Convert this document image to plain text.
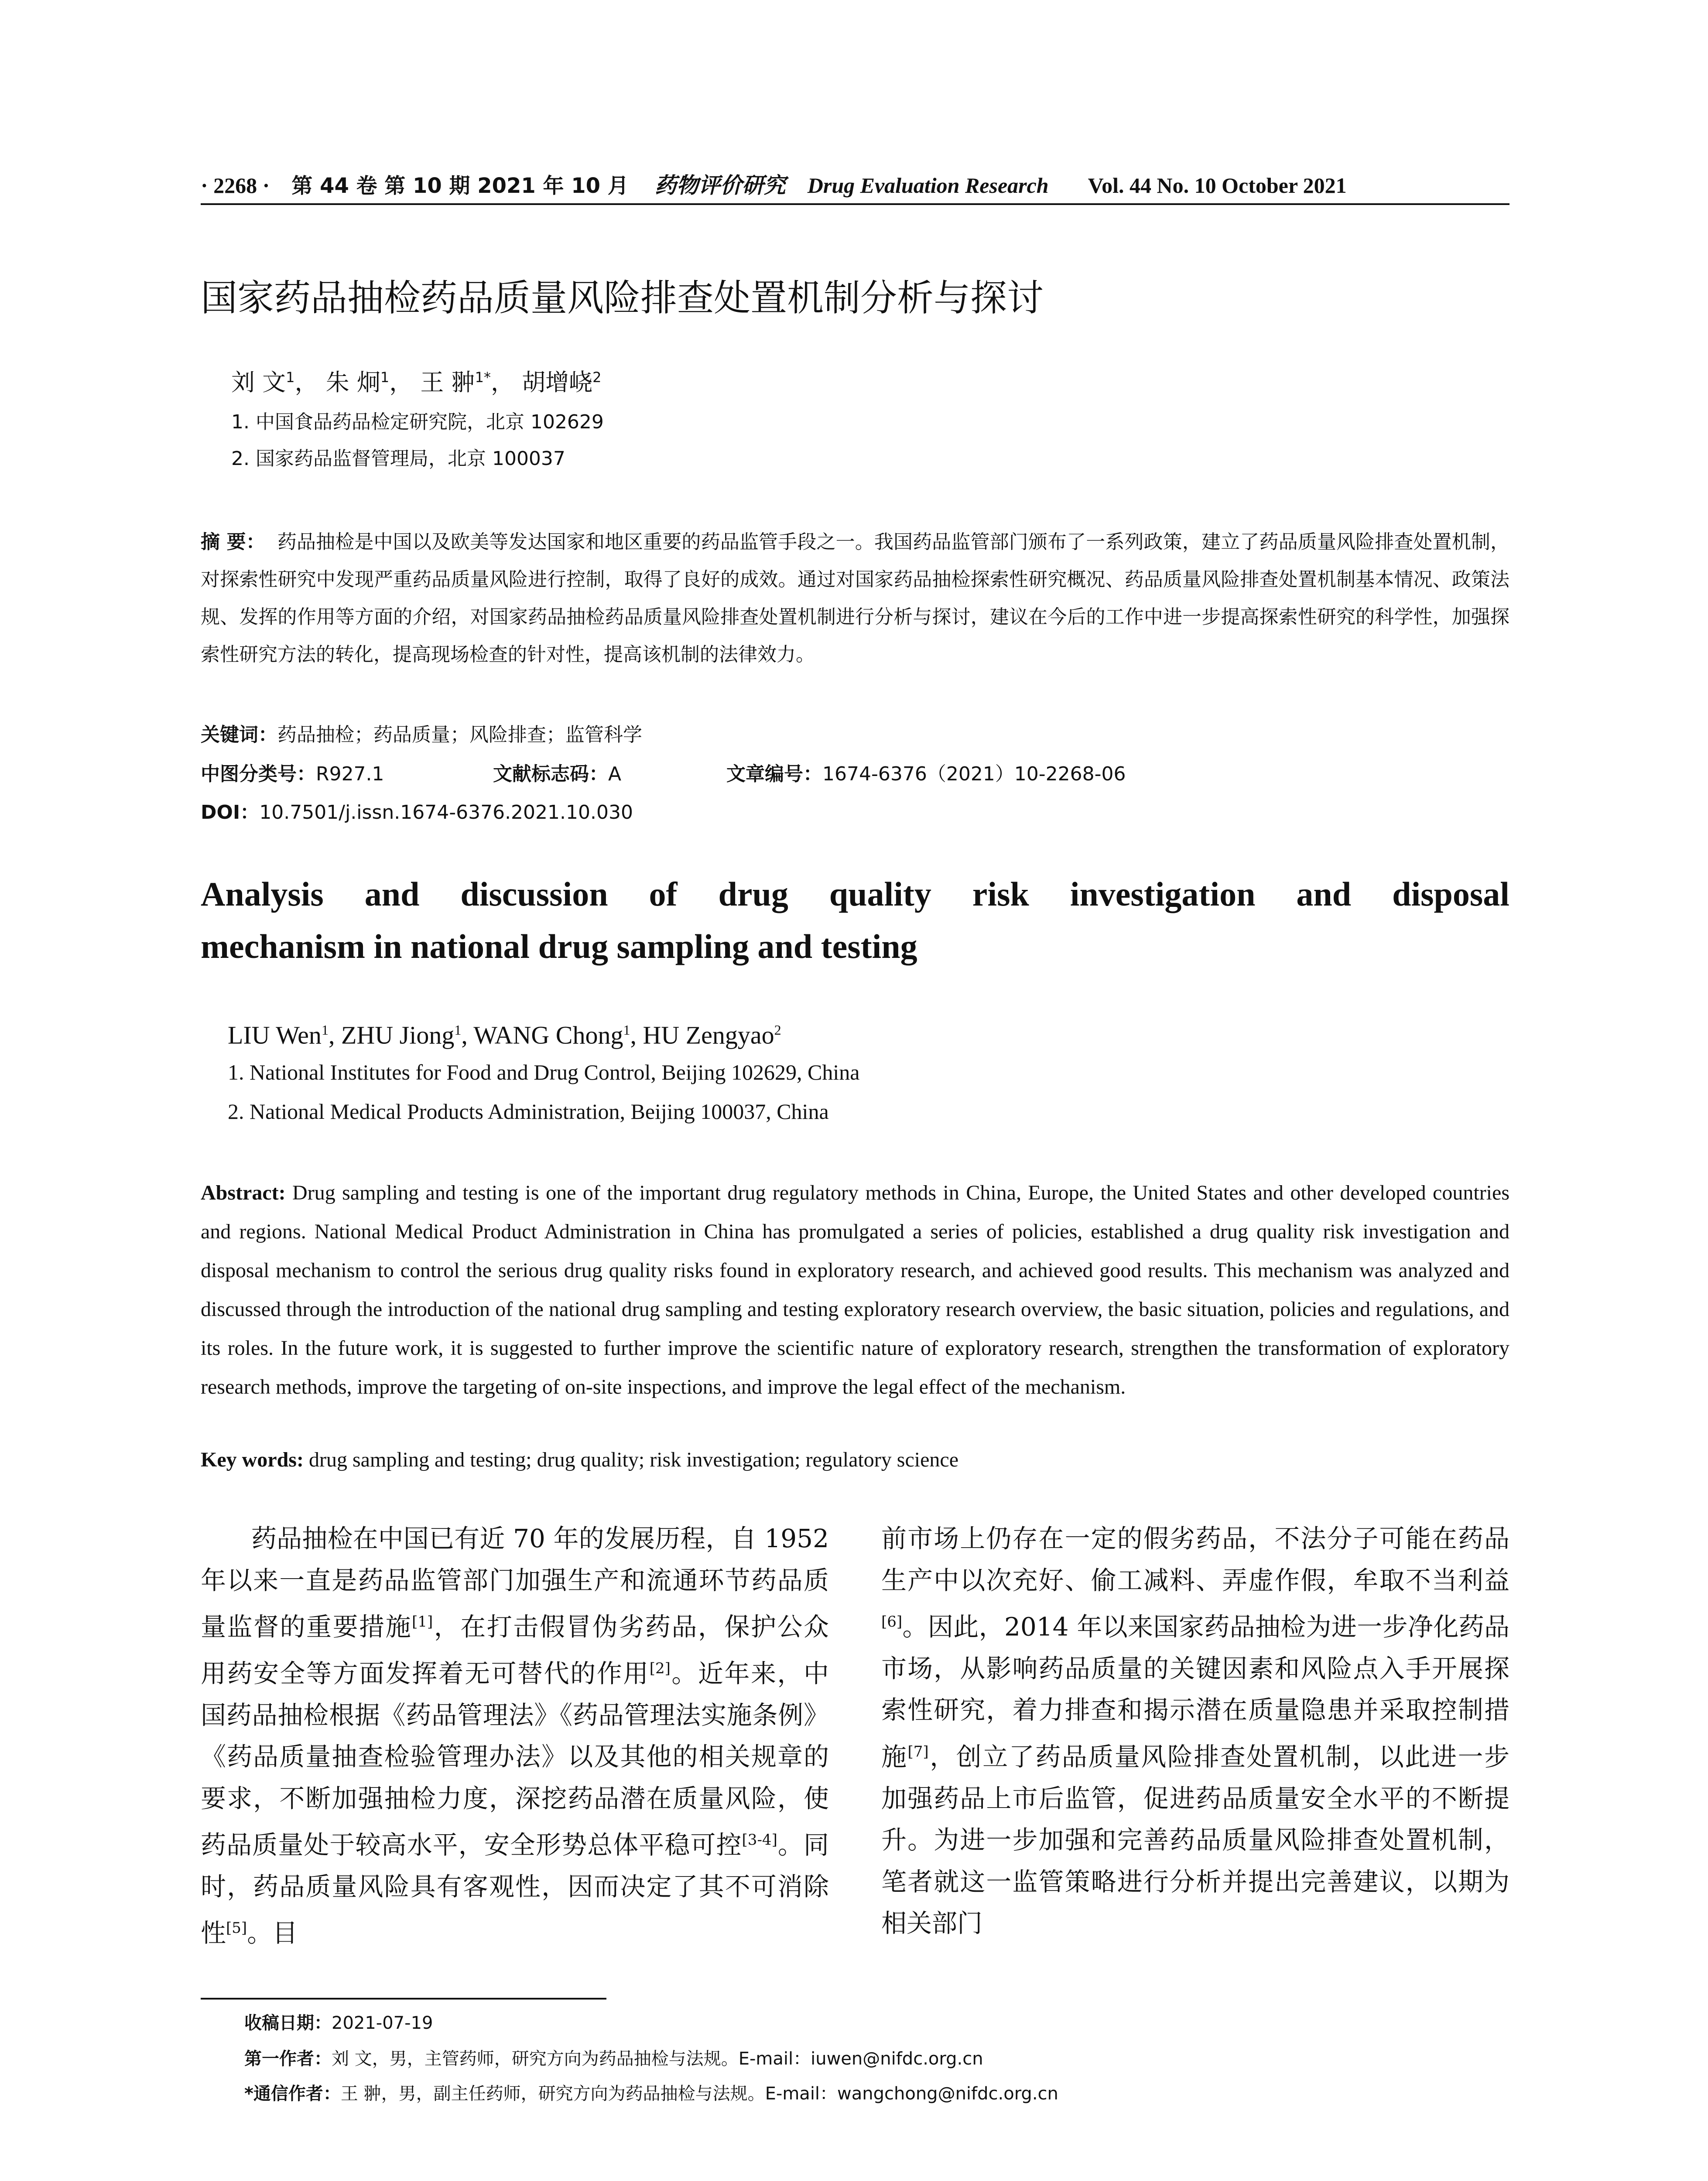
· 2268 · 第 44 卷 第 10 期 2021 年 10 月 药物评价研究 Drug Evaluation Research Vol. 44 No. 10 October 2021
国家药品抽检药品质量风险排查处置机制分析与探讨
刘 文$^1$， 朱 炯$^1$， 王 翀$^{1*}$， 胡增峣$^2$
1. 中国食品药品检定研究院，北京 102629
2. 国家药品监督管理局，北京 100037
摘 要： 药品抽检是中国以及欧美等发达国家和地区重要的药品监管手段之一。我国药品监管部门颁布了一系列政策，建立了药品质量风险排查处置机制，对探索性研究中发现严重药品质量风险进行控制，取得了良好的成效。通过对国家药品抽检探索性研究概况、药品质量风险排查处置机制基本情况、政策法规、发挥的作用等方面的介绍，对国家药品抽检药品质量风险排查处置机制进行分析与探讨，建议在今后的工作中进一步提高探索性研究的科学性，加强探索性研究方法的转化，提高现场检查的针对性，提高该机制的法律效力。
关键词：药品抽检；药品质量；风险排查；监管科学
中图分类号：R927.1	文献标志码：A	文章编号：1674-6376（2021）10-2268-06
DOI：10.7501/j.issn.1674-6376.2021.10.030
Analysis and discussion of drug quality risk investigation and disposal
mechanism in national drug sampling and testing
LIU Wen$^1$, ZHU Jiong$^1$, WANG Chong$^1$, HU Zengyao$^2$
1. National Institutes for Food and Drug Control, Beijing 102629, China
2. National Medical Products Administration, Beijing 100037, China
Abstract: Drug sampling and testing is one of the important drug regulatory methods in China, Europe, the United States and other developed countries and regions. National Medical Product Administration in China has promulgated a series of policies, established a drug quality risk investigation and disposal mechanism to control the serious drug quality risks found in exploratory research, and achieved good results. This mechanism was analyzed and discussed through the introduction of the national drug sampling and testing exploratory research overview, the basic situation, policies and regulations, and its roles. In the future work, it is suggested to further improve the scientific nature of exploratory research, strengthen the transformation of exploratory research methods, improve the targeting of on-site inspections, and improve the legal effect of the mechanism.
Key words: drug sampling and testing; drug quality; risk investigation; regulatory science
药品抽检在中国已有近 70 年的发展历程，自 1952 年以来一直是药品监管部门加强生产和流通环节药品质量监督的重要措施[1]，在打击假冒伪劣药品，保护公众用药安全等方面发挥着无可替代的作用[2]。近年来，中国药品抽检根据《药品管理法》《药品管理法实施条例》《药品质量抽查检验管理办法》以及其他的相关规章的要求，不断加强抽检力度，深挖药品潜在质量风险，使药品质量处于较高水平，安全形势总体平稳可控[3-4]。同时，药品质量风险具有客观性，因而决定了其不可消除性[5]。目
前市场上仍存在一定的假劣药品，不法分子可能在药品生产中以次充好、偷工减料、弄虚作假，牟取不当利益[6]。因此，2014 年以来国家药品抽检为进一步净化药品市场，从影响药品质量的关键因素和风险点入手开展探索性研究，着力排查和揭示潜在质量隐患并采取控制措施[7]，创立了药品质量风险排查处置机制，以此进一步加强药品上市后监管，促进药品质量安全水平的不断提升。为进一步加强和完善药品质量风险排查处置机制，笔者就这一监管策略进行分析并提出完善建议，以期为相关部门
收稿日期：2021-07-19
第一作者：刘 文，男，主管药师，研究方向为药品抽检与法规。E-mail：iuwen@nifdc.org.cn
*通信作者：王 翀，男，副主任药师，研究方向为药品抽检与法规。E-mail：wangchong@nifdc.org.cn
